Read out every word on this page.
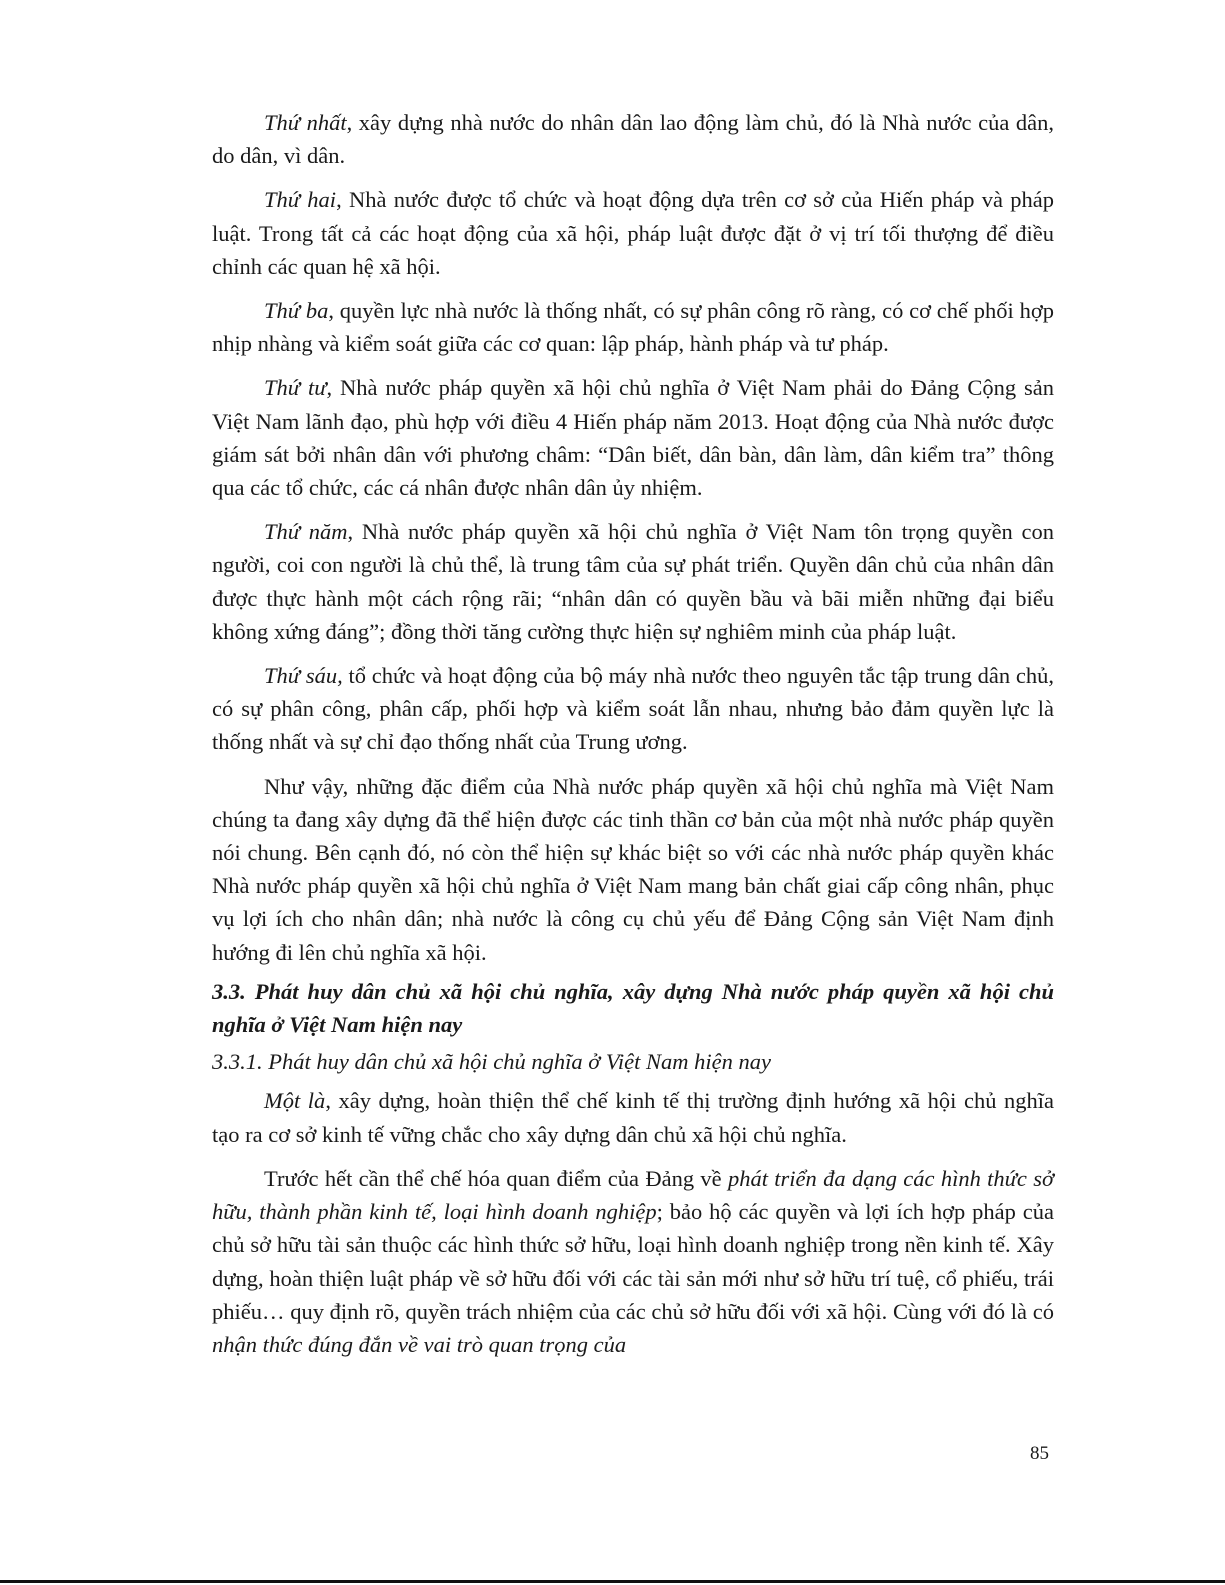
Thứ nhất, xây dựng nhà nước do nhân dân lao động làm chủ, đó là Nhà nước của dân, do dân, vì dân.

Thứ hai, Nhà nước được tổ chức và hoạt động dựa trên cơ sở của Hiến pháp và pháp luật. Trong tất cả các hoạt động của xã hội, pháp luật được đặt ở vị trí tối thượng để điều chỉnh các quan hệ xã hội.

Thứ ba, quyền lực nhà nước là thống nhất, có sự phân công rõ ràng, có cơ chế phối hợp nhịp nhàng và kiểm soát giữa các cơ quan: lập pháp, hành pháp và tư pháp.

Thứ tư, Nhà nước pháp quyền xã hội chủ nghĩa ở Việt Nam phải do Đảng Cộng sản Việt Nam lãnh đạo, phù hợp với điều 4 Hiến pháp năm 2013. Hoạt động của Nhà nước được giám sát bởi nhân dân với phương châm: “Dân biết, dân bàn, dân làm, dân kiểm tra” thông qua các tổ chức, các cá nhân được nhân dân ủy nhiệm.

Thứ năm, Nhà nước pháp quyền xã hội chủ nghĩa ở Việt Nam tôn trọng quyền con người, coi con người là chủ thể, là trung tâm của sự phát triển. Quyền dân chủ của nhân dân được thực hành một cách rộng rãi; “nhân dân có quyền bầu và bãi miễn những đại biểu không xứng đáng”; đồng thời tăng cường thực hiện sự nghiêm minh của pháp luật.

Thứ sáu, tổ chức và hoạt động của bộ máy nhà nước theo nguyên tắc tập trung dân chủ, có sự phân công, phân cấp, phối hợp và kiểm soát lẫn nhau, nhưng bảo đảm quyền lực là thống nhất và sự chỉ đạo thống nhất của Trung ương.

Như vậy, những đặc điểm của Nhà nước pháp quyền xã hội chủ nghĩa mà Việt Nam chúng ta đang xây dựng đã thể hiện được các tinh thần cơ bản của một nhà nước pháp quyền nói chung. Bên cạnh đó, nó còn thể hiện sự khác biệt so với các nhà nước pháp quyền khác Nhà nước pháp quyền xã hội chủ nghĩa ở Việt Nam mang bản chất giai cấp công nhân, phục vụ lợi ích cho nhân dân; nhà nước là công cụ chủ yếu để Đảng Cộng sản Việt Nam định hướng đi lên chủ nghĩa xã hội.

3.3. Phát huy dân chủ xã hội chủ nghĩa, xây dựng Nhà nước pháp quyền xã hội chủ nghĩa ở Việt Nam hiện nay

3.3.1. Phát huy dân chủ xã hội chủ nghĩa ở Việt Nam hiện nay

Một là, xây dựng, hoàn thiện thể chế kinh tế thị trường định hướng xã hội chủ nghĩa tạo ra cơ sở kinh tế vững chắc cho xây dựng dân chủ xã hội chủ nghĩa.

Trước hết cần thể chế hóa quan điểm của Đảng về phát triển đa dạng các hình thức sở hữu, thành phần kinh tế, loại hình doanh nghiệp; bảo hộ các quyền và lợi ích hợp pháp của chủ sở hữu tài sản thuộc các hình thức sở hữu, loại hình doanh nghiệp trong nền kinh tế. Xây dựng, hoàn thiện luật pháp về sở hữu đối với các tài sản mới như sở hữu trí tuệ, cổ phiếu, trái phiếu… quy định rõ, quyền trách nhiệm của các chủ sở hữu đối với xã hội. Cùng với đó là có nhận thức đúng đắn về vai trò quan trọng của

85
